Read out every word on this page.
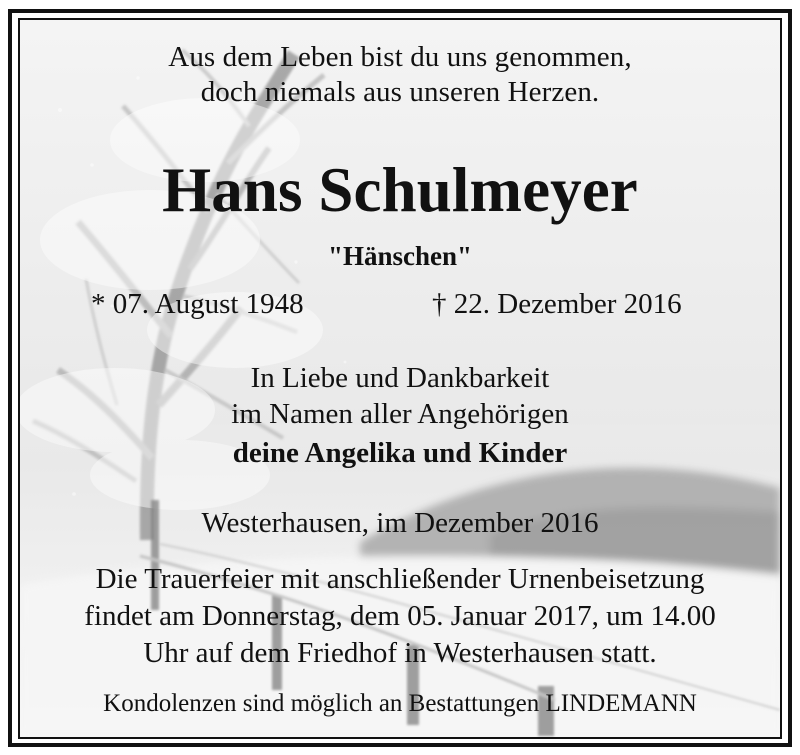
Aus dem Leben bist du uns genommen,
doch niemals aus unseren Herzen.
Hans Schulmeyer
"Hänschen"
* 07. August 1948	† 22. Dezember 2016
In Liebe und Dankbarkeit
im Namen aller Angehörigen
deine Angelika und Kinder
Westerhausen, im Dezember 2016
Die Trauerfeier mit anschließender Urnenbeisetzung
findet am Donnerstag, dem 05. Januar 2017, um 14.00
Uhr auf dem Friedhof in Westerhausen statt.
Kondolenzen sind möglich an Bestattungen LINDEMANN
